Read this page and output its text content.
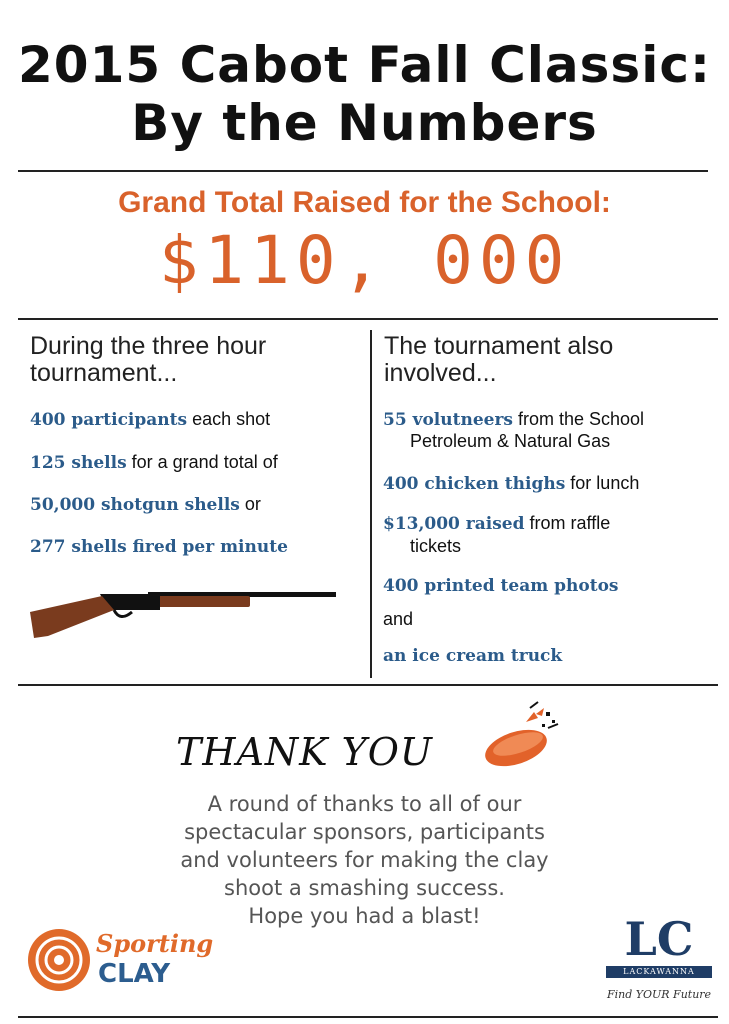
2015 Cabot Fall Classic:
By the Numbers
Grand Total Raised for the School:
$110, 000
During the three hour
tournament...
400 participants each shot
125 shells for a grand total of
50,000 shotgun shells or
277 shells fired per minute
The tournament also
involved...
55 volutneers from the School
Petroleum & Natural Gas
400 chicken thighs for lunch
$13,000 raised from raffle
tickets
400 printed team photos
and
an ice cream truck
THANK YOU
A round of thanks to all of our
spectacular sponsors, participants
and volunteers for making the clay
shoot a smashing success.
Hope you had a blast!
Sporting
CLAY
LC
LACKAWANNA COLLEGE
Find YOUR Future
